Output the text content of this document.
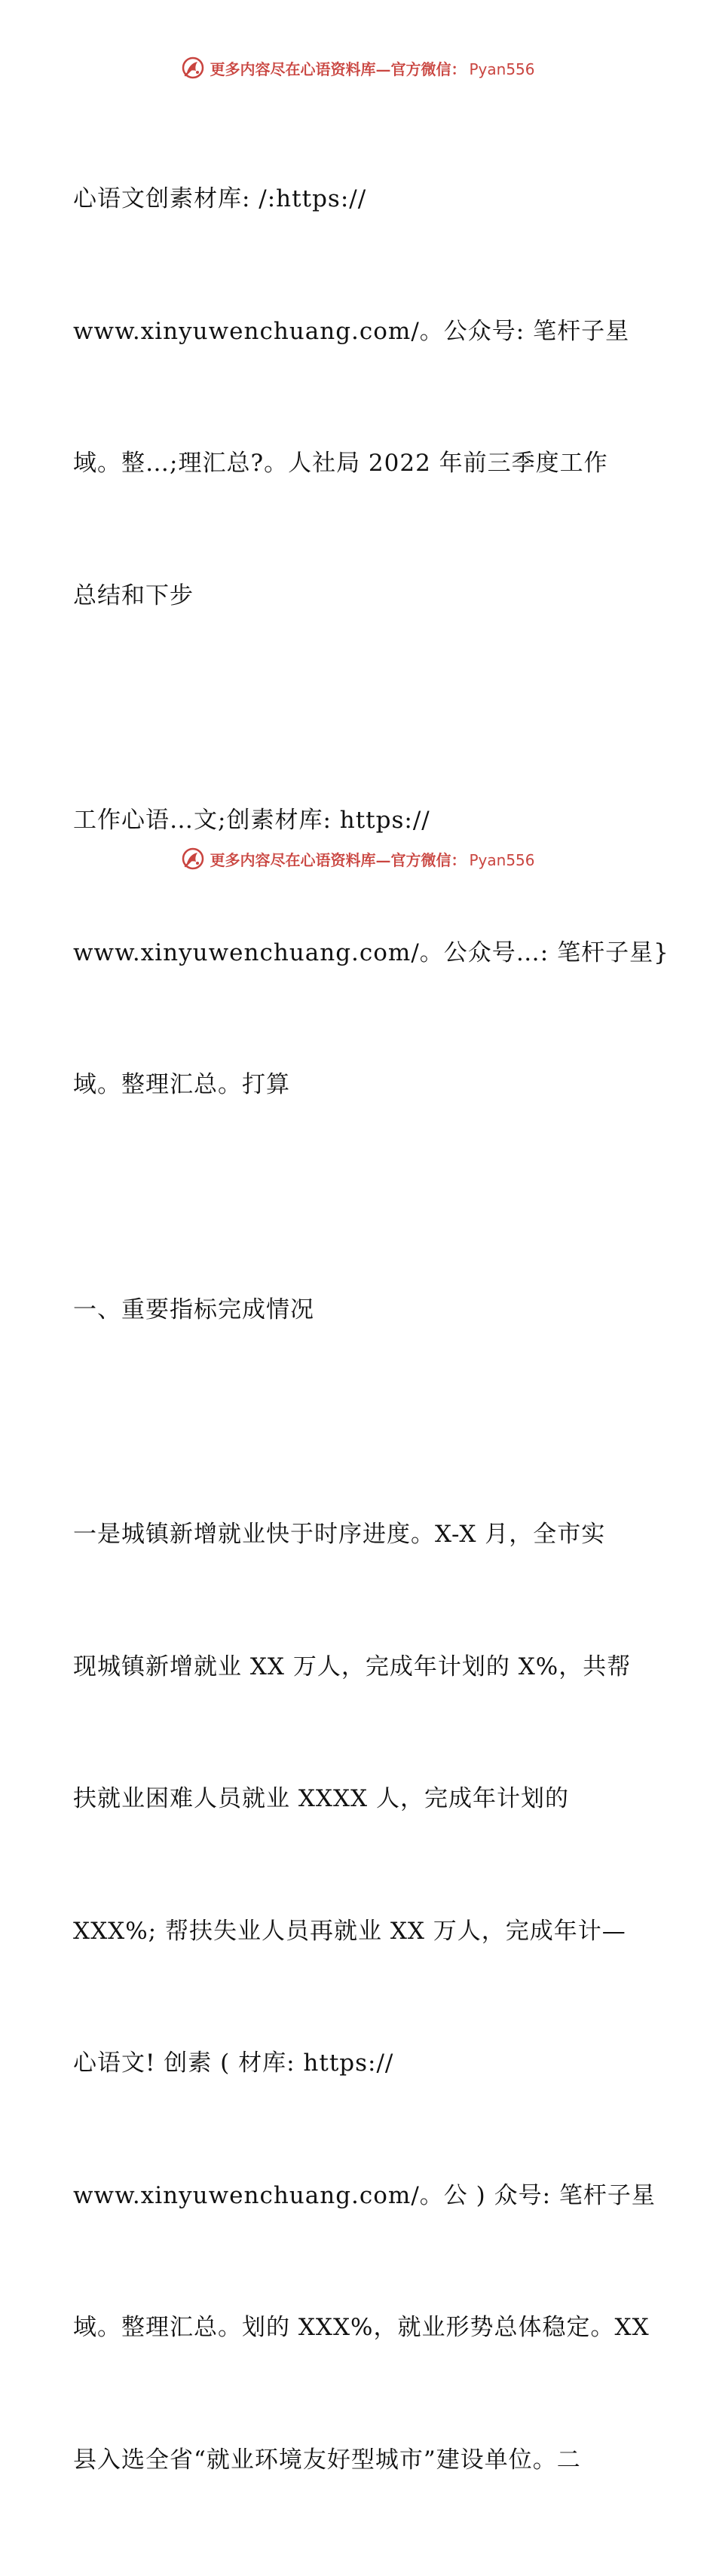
更多内容尽在心语资料库—官方微信： Pyan556

心语文创素材库: /:https://

www.xinyuwenchuang.com/。公众号: 笔杆子星

域。整…;理汇总?。人社局 2022 年前三季度工作

总结和下步

工作心语…文;创素材库: https://

www.xinyuwenchuang.com/。公众号…: 笔杆子星}

域。整理汇总。打算

一、重要指标完成情况

一是城镇新增就业快于时序进度。X-X 月，全市实

现城镇新增就业 XX 万人，完成年计划的 X%，共帮

扶就业困难人员就业 XXXX 人，完成年计划的

XXX%; 帮扶失业人员再就业 XX 万人，完成年计—

心语文! 创素 ( 材库: https://

www.xinyuwenchuang.com/。公 ) 众号: 笔杆子星

域。整理汇总。划的 XXX%，就业形势总体稳定。XX

县入选全省“就业环境友好型城市”建设单位。二

更多内容尽在心语资料库—官方微信： Pyan556
